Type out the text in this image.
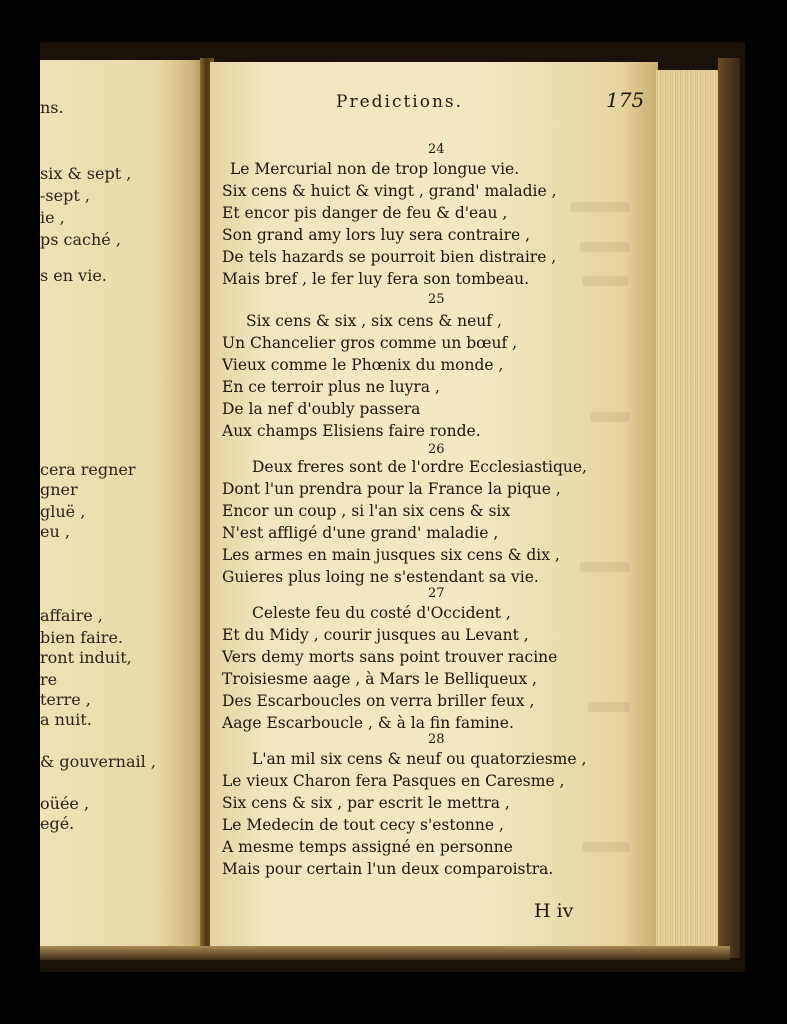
ns.
six & sept ,
-sept ,
ie ,
ps caché ,
s en vie.
cera regner
gner
gluë ,
eu ,
affaire ,
bien faire.
ront induit,
re
terre ,
a nuit.
& gouvernail ,
oüée ,
egé.
Predictions.	175
24
Le Mercurial non de trop longue vie.
Six cens & huict & vingt , grand' maladie ,
Et encor pis danger de feu & d'eau ,
Son grand amy lors luy sera contraire ,
De tels hazards se pourroit bien distraire ,
Mais bref , le fer luy fera son tombeau.
25
Six cens & six , six cens & neuf ,
Un Chancelier gros comme un bœuf ,
Vieux comme le Phœnix du monde ,
En ce terroir plus ne luyra ,
De la nef d'oubly passera
Aux champs Elisiens faire ronde.
26
Deux freres sont de l'ordre Ecclesiastique,
Dont l'un prendra pour la France la pique ,
Encor un coup , si l'an six cens & six
N'est affligé d'une grand' maladie ,
Les armes en main jusques six cens & dix ,
Guieres plus loing ne s'estendant sa vie.
27
Celeste feu du costé d'Occident ,
Et du Midy , courir jusques au Levant ,
Vers demy morts sans point trouver racine
Troisiesme aage , à Mars le Belliqueux ,
Des Escarboucles on verra briller feux ,
Aage Escarboucle , & à la fin famine.
28
L'an mil six cens & neuf ou quatorziesme ,
Le vieux Charon fera Pasques en Caresme ,
Six cens & six , par escrit le mettra ,
Le Medecin de tout cecy s'estonne ,
A mesme temps assigné en personne
Mais pour certain l'un deux comparoistra.
H iv
